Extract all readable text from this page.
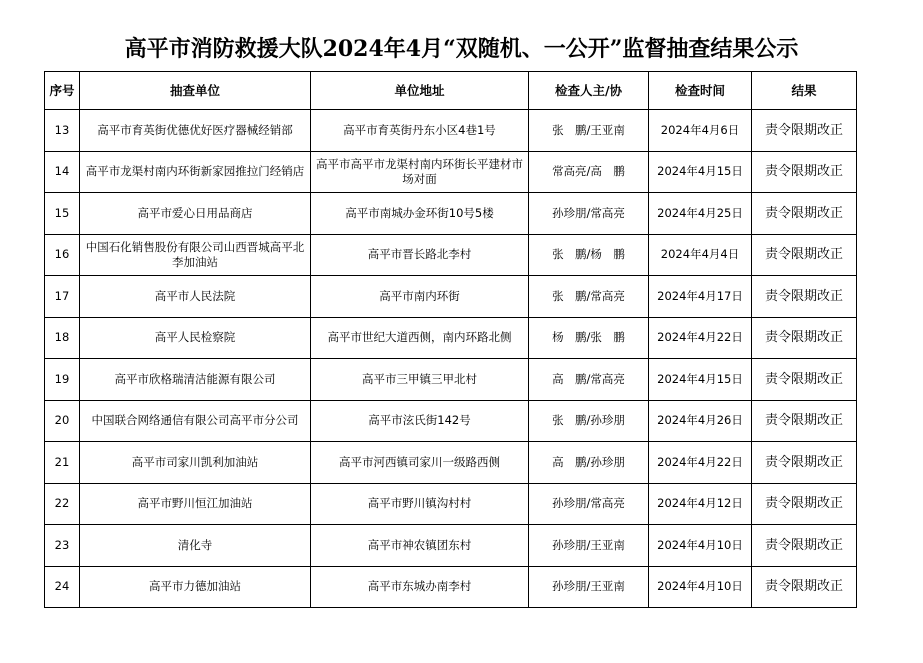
高平市消防救援大队2024年4月“双随机、一公开”监督抽查结果公示
序号	抽查单位	单位地址	检查人主/协	检查时间	结果
13	高平市育英街优德优好医疗器械经销部	高平市育英街丹东小区4巷1号	张　鹏/王亚南	2024年4月6日	责令限期改正
14	高平市龙渠村南内环街新家园推拉门经销店	高平市高平市龙渠村南内环街长平建材市场对面	常高亮/高　鹏	2024年4月15日	责令限期改正
15	高平市爱心日用品商店	高平市南城办金环街10号5楼	孙珍朋/常高亮	2024年4月25日	责令限期改正
16	中国石化销售股份有限公司山西晋城高平北李加油站	高平市晋长路北李村	张　鹏/杨　鹏	2024年4月4日	责令限期改正
17	高平市人民法院	高平市南内环街	张　鹏/常高亮	2024年4月17日	责令限期改正
18	高平人民检察院	高平市世纪大道西侧，南内环路北侧	杨　鹏/张　鹏	2024年4月22日	责令限期改正
19	高平市欣格瑞清洁能源有限公司	高平市三甲镇三甲北村	高　鹏/常高亮	2024年4月15日	责令限期改正
20	中国联合网络通信有限公司高平市分公司	高平市泫氏街142号	张　鹏/孙珍朋	2024年4月26日	责令限期改正
21	高平市司家川凯利加油站	高平市河西镇司家川一级路西侧	高　鹏/孙珍朋	2024年4月22日	责令限期改正
22	高平市野川恒江加油站	高平市野川镇沟村村	孙珍朋/常高亮	2024年4月12日	责令限期改正
23	清化寺	高平市神农镇团东村	孙珍朋/王亚南	2024年4月10日	责令限期改正
24	高平市力德加油站	高平市东城办南李村	孙珍朋/王亚南	2024年4月10日	责令限期改正
